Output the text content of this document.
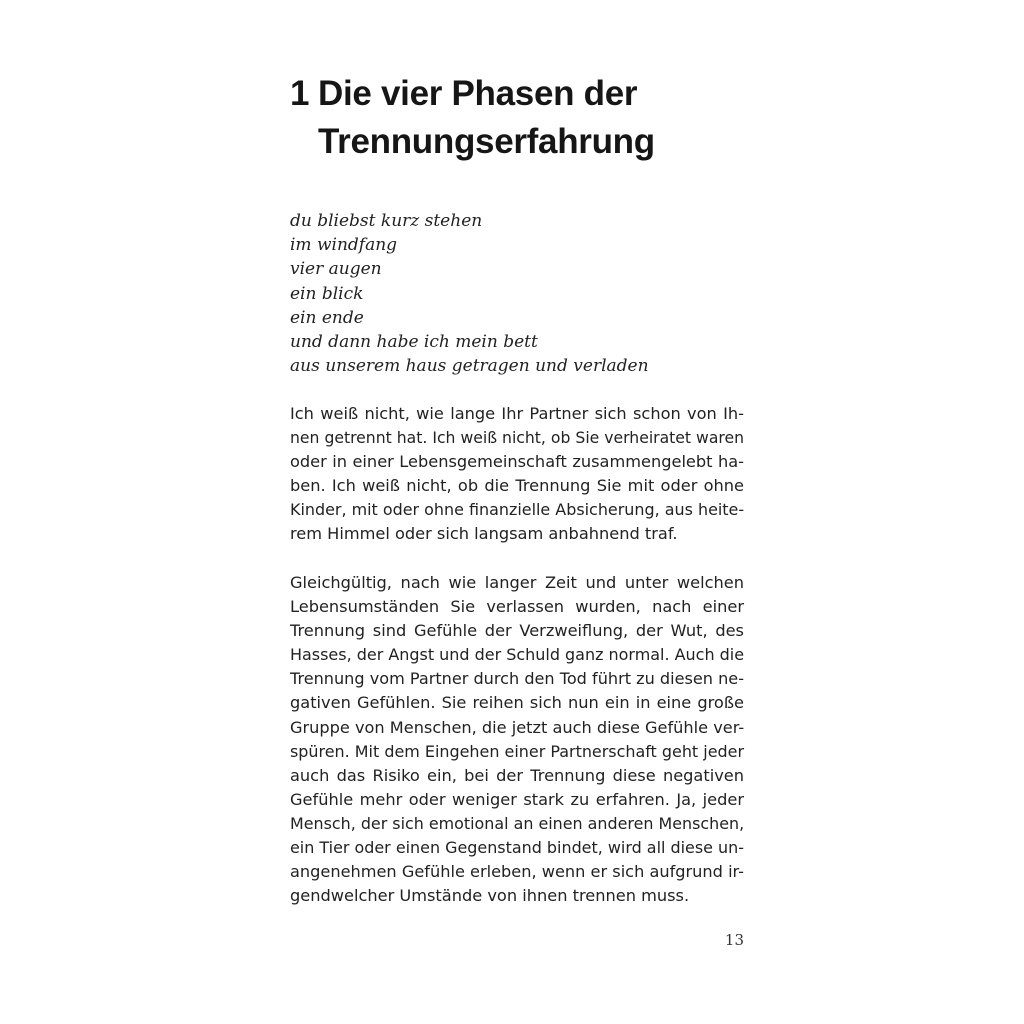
1 Die vier Phasen der
Trennungserfahrung
du bliebst kurz stehen
im windfang
vier augen
ein blick
ein ende
und dann habe ich mein bett
aus unserem haus getragen und verladen
Ich weiß nicht, wie lange Ihr Partner sich schon von Ih-
nen getrennt hat. Ich weiß nicht, ob Sie verheiratet waren
oder in einer Lebensgemeinschaft zusammengelebt ha-
ben. Ich weiß nicht, ob die Trennung Sie mit oder ohne
Kinder, mit oder ohne finanzielle Absicherung, aus heite-
rem Himmel oder sich langsam anbahnend traf.
Gleichgültig, nach wie langer Zeit und unter welchen
Lebensumständen Sie verlassen wurden, nach einer
Trennung sind Gefühle der Verzweiflung, der Wut, des
Hasses, der Angst und der Schuld ganz normal. Auch die
Trennung vom Partner durch den Tod führt zu diesen ne-
gativen Gefühlen. Sie reihen sich nun ein in eine große
Gruppe von Menschen, die jetzt auch diese Gefühle ver-
spüren. Mit dem Eingehen einer Partnerschaft geht jeder
auch das Risiko ein, bei der Trennung diese negativen
Gefühle mehr oder weniger stark zu erfahren. Ja, jeder
Mensch, der sich emotional an einen anderen Menschen,
ein Tier oder einen Gegenstand bindet, wird all diese un-
angenehmen Gefühle erleben, wenn er sich aufgrund ir-
gendwelcher Umstände von ihnen trennen muss.
13
